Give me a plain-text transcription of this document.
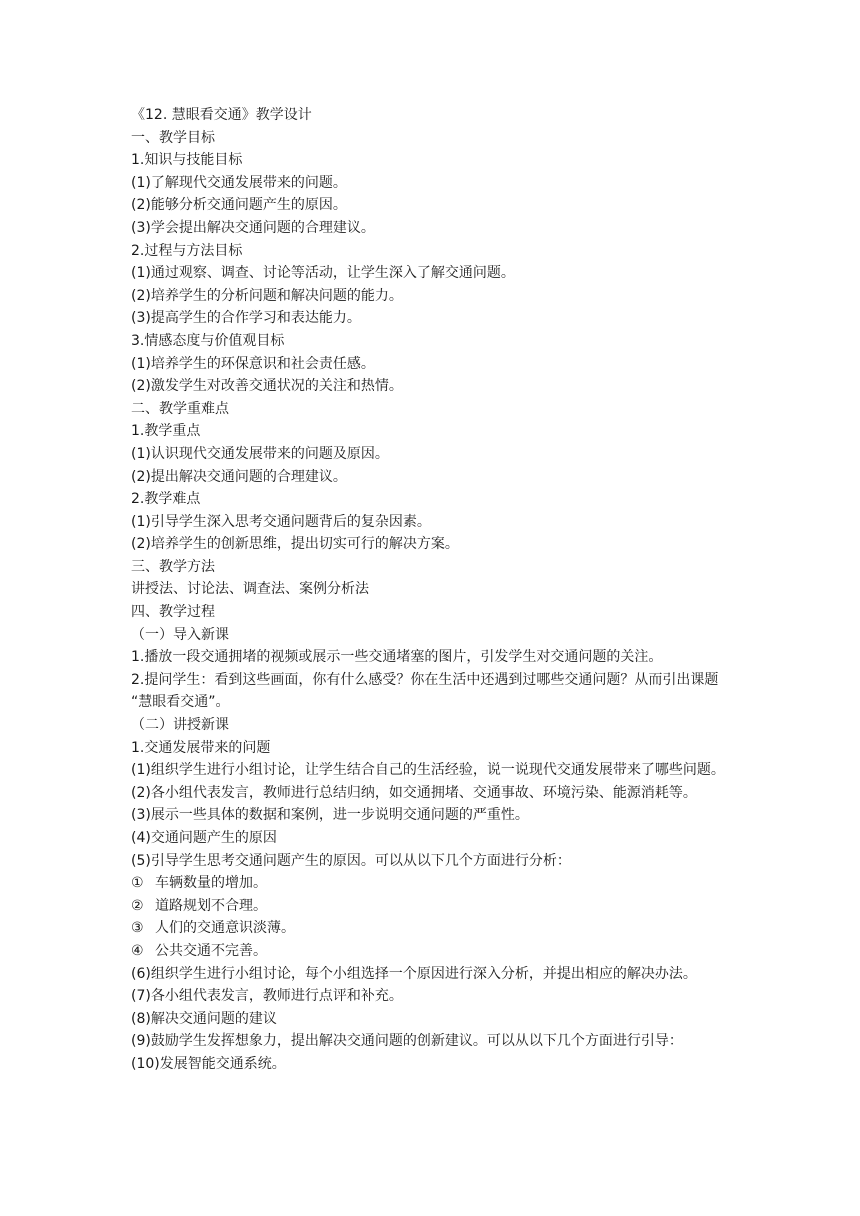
《12. 慧眼看交通》教学设计
一、教学目标
1.知识与技能目标
(1)了解现代交通发展带来的问题。
(2)能够分析交通问题产生的原因。
(3)学会提出解决交通问题的合理建议。
2.过程与方法目标
(1)通过观察、调查、讨论等活动，让学生深入了解交通问题。
(2)培养学生的分析问题和解决问题的能力。
(3)提高学生的合作学习和表达能力。
3.情感态度与价值观目标
(1)培养学生的环保意识和社会责任感。
(2)激发学生对改善交通状况的关注和热情。
二、教学重难点
1.教学重点
(1)认识现代交通发展带来的问题及原因。
(2)提出解决交通问题的合理建议。
2.教学难点
(1)引导学生深入思考交通问题背后的复杂因素。
(2)培养学生的创新思维，提出切实可行的解决方案。
三、教学方法
讲授法、讨论法、调查法、案例分析法
四、教学过程
（一）导入新课
1.播放一段交通拥堵的视频或展示一些交通堵塞的图片，引发学生对交通问题的关注。
2.提问学生：看到这些画面，你有什么感受？你在生活中还遇到过哪些交通问题？从而引出课题 “慧眼看交通”。
（二）讲授新课
1.交通发展带来的问题
(1)组织学生进行小组讨论，让学生结合自己的生活经验，说一说现代交通发展带来了哪些问题。
(2)各小组代表发言，教师进行总结归纳，如交通拥堵、交通事故、环境污染、能源消耗等。
(3)展示一些具体的数据和案例，进一步说明交通问题的严重性。
(4)交通问题产生的原因
(5)引导学生思考交通问题产生的原因。可以从以下几个方面进行分析：
① 车辆数量的增加。
② 道路规划不合理。
③ 人们的交通意识淡薄。
④ 公共交通不完善。
(6)组织学生进行小组讨论，每个小组选择一个原因进行深入分析，并提出相应的解决办法。
(7)各小组代表发言，教师进行点评和补充。
(8)解决交通问题的建议
(9)鼓励学生发挥想象力，提出解决交通问题的创新建议。可以从以下几个方面进行引导：
(10)发展智能交通系统。
